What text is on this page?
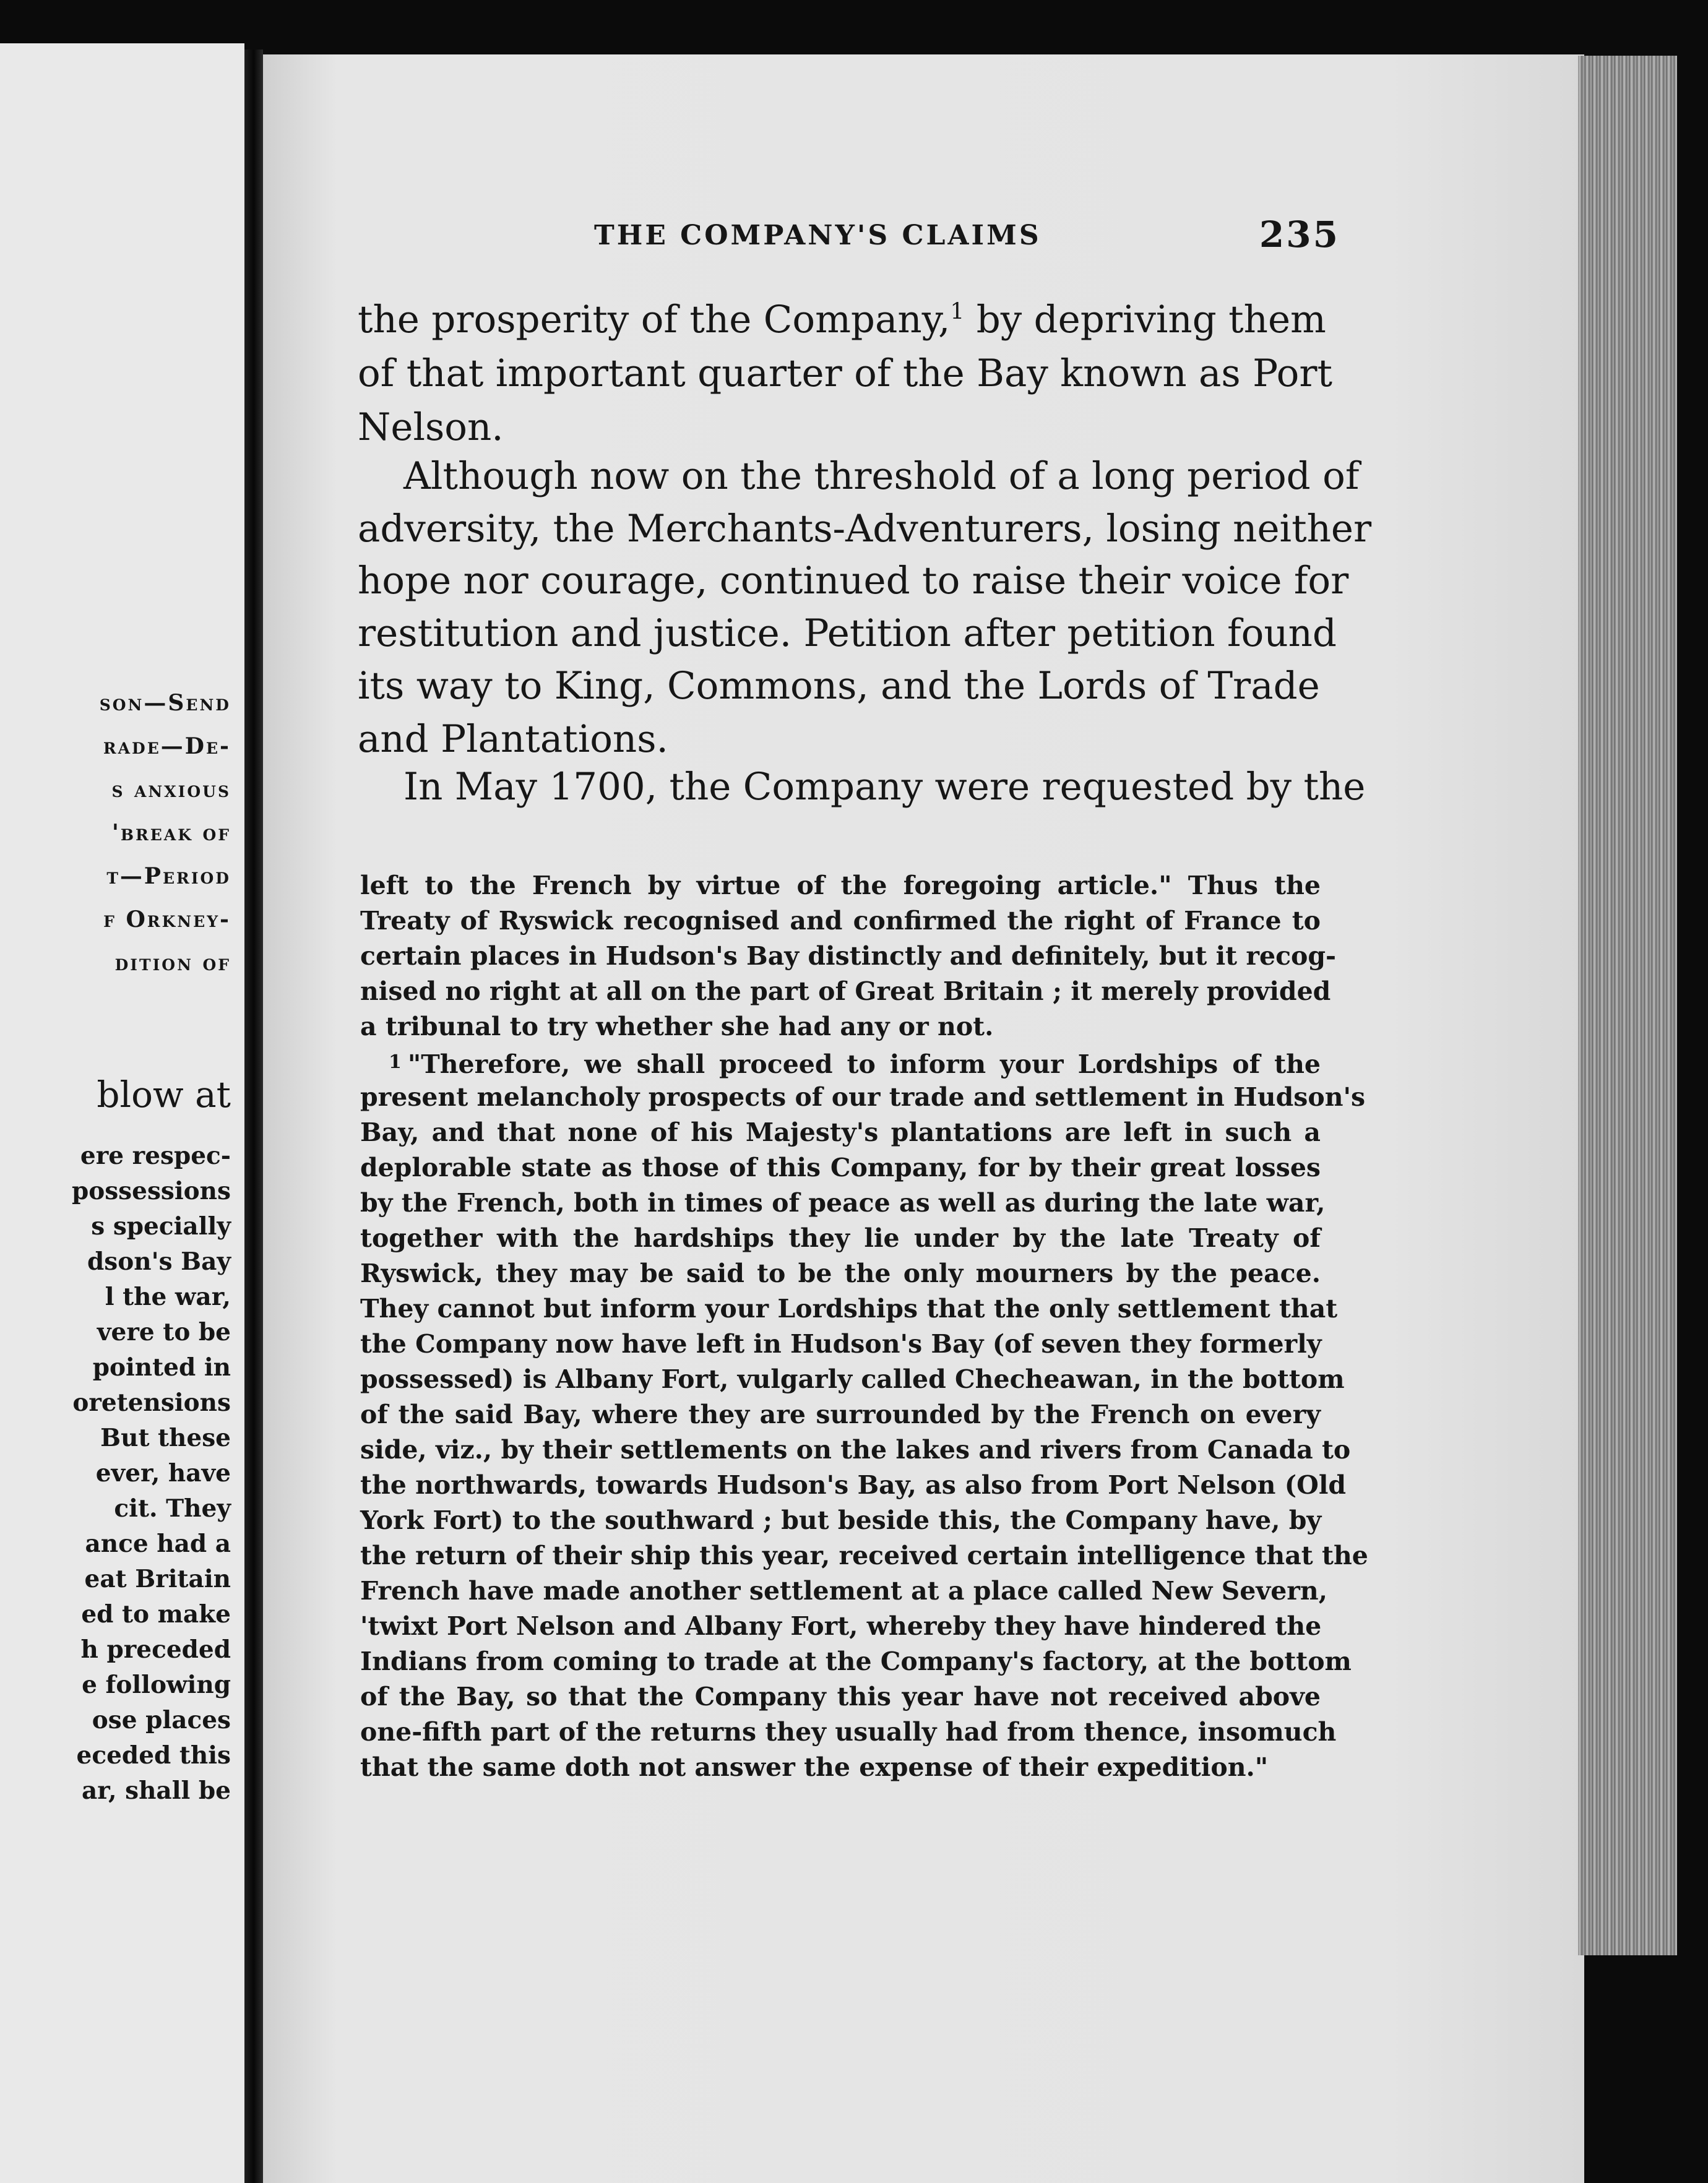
son—Send
rade—De-
s anxious
'break of
t—Period
f Orkney-
dition of
blow at
ere respec-
possessions
s specially
dson's Bay
l the war,
vere to be
pointed in
oretensions
But these
ever, have
cit. They
ance had a
eat Britain
ed to make
h preceded
e following
ose places
eceded this
ar, shall be
THE COMPANY'S CLAIMS	235
the prosperity of the Company,$^1$ by depriving them
of that important quarter of the Bay known as Port
Nelson.
Although now on the threshold of a long period of
adversity, the Merchants-Adventurers, losing neither
hope nor courage, continued to raise their voice for
restitution and justice. Petition after petition found
its way to King, Commons, and the Lords of Trade
and Plantations.
In May 1700, the Company were requested by the
left to the French by virtue of the foregoing article." Thus the
Treaty of Ryswick recognised and confirmed the right of France to
certain places in Hudson's Bay distinctly and definitely, but it recog-
nised no right at all on the part of Great Britain ; it merely provided
a tribunal to try whether she had any or not.
1 "Therefore, we shall proceed to inform your Lordships of the
present melancholy prospects of our trade and settlement in Hudson's
Bay, and that none of his Majesty's plantations are left in such a
deplorable state as those of this Company, for by their great losses
by the French, both in times of peace as well as during the late war,
together with the hardships they lie under by the late Treaty of
Ryswick, they may be said to be the only mourners by the peace.
They cannot but inform your Lordships that the only settlement that
the Company now have left in Hudson's Bay (of seven they formerly
possessed) is Albany Fort, vulgarly called Checheawan, in the bottom
of the said Bay, where they are surrounded by the French on every
side, viz., by their settlements on the lakes and rivers from Canada to
the northwards, towards Hudson's Bay, as also from Port Nelson (Old
York Fort) to the southward ; but beside this, the Company have, by
the return of their ship this year, received certain intelligence that the
French have made another settlement at a place called New Severn,
'twixt Port Nelson and Albany Fort, whereby they have hindered the
Indians from coming to trade at the Company's factory, at the bottom
of the Bay, so that the Company this year have not received above
one-fifth part of the returns they usually had from thence, insomuch
that the same doth not answer the expense of their expedition."
